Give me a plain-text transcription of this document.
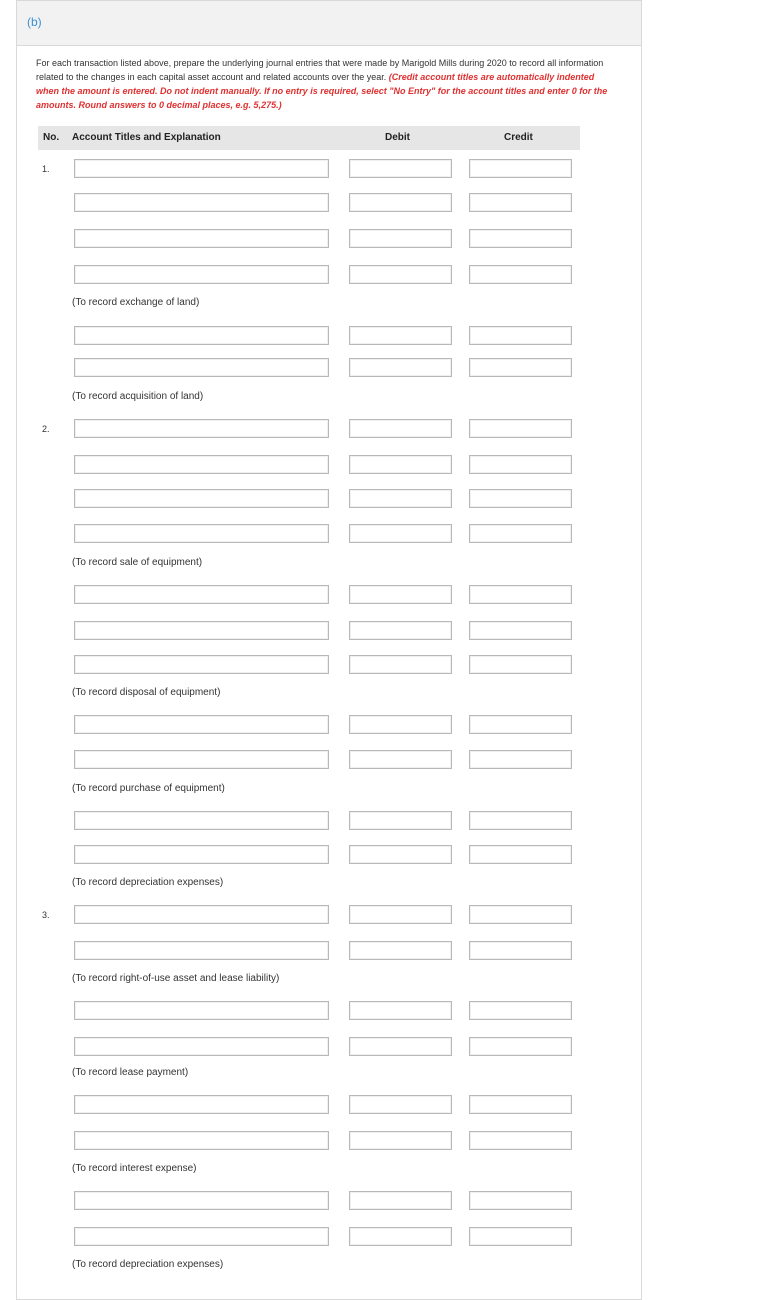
(b)
For each transaction listed above, prepare the underlying journal entries that were made by Marigold Mills during 2020 to record all information related to the changes in each capital asset account and related accounts over the year. (Credit account titles are automatically indented when the amount is entered. Do not indent manually. If no entry is required, select "No Entry" for the account titles and enter 0 for the amounts. Round answers to 0 decimal places, e.g. 5,275.)
No. Account Titles and Explanation	Debit	Credit
(To record exchange of land)
(To record acquisition of land)
(To record sale of equipment)
(To record disposal of equipment)
(To record purchase of equipment)
(To record depreciation expenses)
(To record right-of-use asset and lease liability)
(To record lease payment)
(To record interest expense)
(To record depreciation expenses)
1.
2.
3.
